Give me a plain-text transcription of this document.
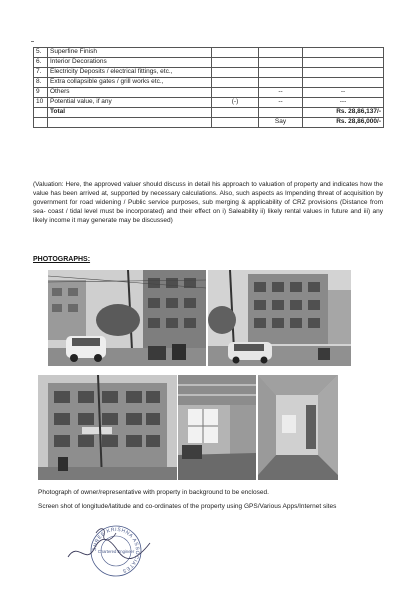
5.	Superfine Finish			
6.	Interior Decorations			
7.	Electricity Deposits / electrical fittings, etc.,			
8.	Extra collapsible gates / grill works etc.,			
9	Others		--	--
10	Potential value, if any	(-)	--	---
	Total			Rs. 28,86,137/-
			Say	Rs. 28,86,000/-

(Valuation: Here, the approved valuer should discuss in detail his approach to valuation of property and indicates how the value has been arrived at, supported by necessary calculations. Also, such aspects as Impending threat of acquisition by government for road widening / Public service purposes, sub merging & applicability of CRZ provisions (Distance from sea- coast / tidal level must be incorporated) and their effect on i) Saleability ii) likely rental values in future and iii) any likely income it may generate may be discussed)

PHOTOGRAPHS:

Photograph of owner/representative with property in background to be enclosed.

Screen shot of longitude/latitude and co-ordinates of the property using GPS/Various Apps/Internet sites

SHREE KRISHNA ASSOCIATES
Chartered Engineer
